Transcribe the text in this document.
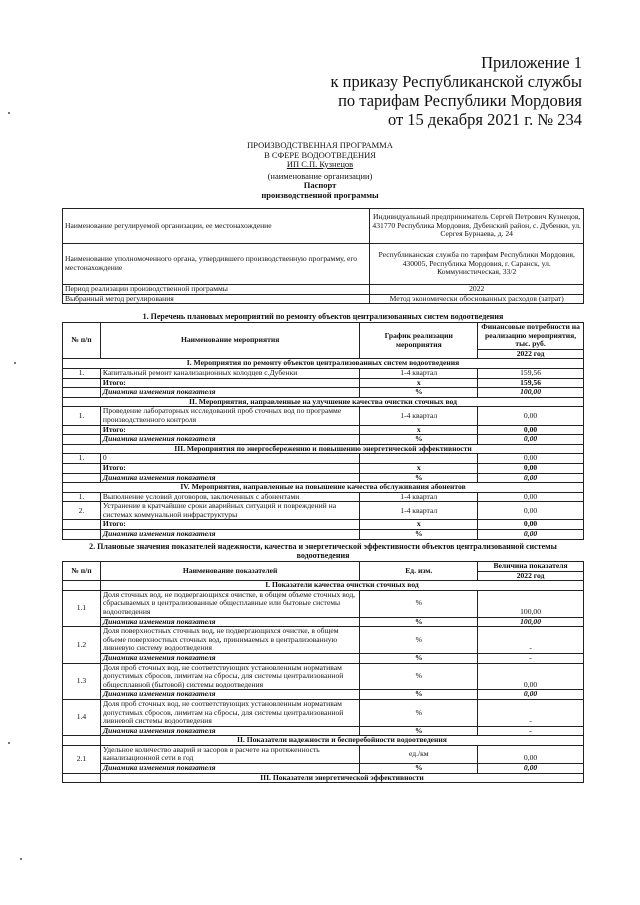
Приложение 1
к приказу Республиканской службы
по тарифам Республики Мордовия
от 15 декабря 2021 г. № 234
ПРОИЗВОДСТВЕННАЯ ПРОГРАММА
В СФЕРЕ ВОДООТВЕДЕНИЯ
ИП С.П. Кузнецов
(наименование организации)
Паспорт
производственной программы
Наименование регулируемой организации, ее местонахождение	Индивидуальный предприниматель Сергей Петрович Кузнецов, 431770 Республика Мордовия, Дубенский район, с. Дубенки, ул. Сергея Бурнаева, д. 24
Наименование уполномоченного органа, утвердившего производственную программу, его местонахождение	Республиканская служба по тарифам Республики Мордовия, 430005, Республика Мордовия, г. Саранск, ул. Коммунистическая, 33/2
Период реализации производственной программы	2022
Выбранный метод регулирования	Метод экономически обоснованных расходов (затрат)
1. Перечень плановых мероприятий по ремонту объектов централизованных систем водоотведения
№ п/п	Наименование мероприятия	График реализации мероприятия	Финансовые потребности на реализацию мероприятия, тыс. руб.
			2022 год
I. Мероприятия по ремонту объектов централизованных систем водоотведения			
1.	Капитальный ремонт канализационных колодцев с.Дубенки	1-4 квартал	159,56
	Итого:	х	159,56
	Динамика изменения показателя	%	100,00
II. Мероприятия, направленные на улучшение качества очистки сточных вод			
1.	Проведение лабораторных исследований проб сточных вод по программе производственного контроля	1-4 квартал	0,00
	Итого:	х	0,00
	Динамика изменения показателя	%	0,00
III. Мероприятия по энергосбережению и повышению энергетической эффективности			
1.	0		0,00
	Итого:	х	0,00
	Динамика изменения показателя	%	0,00
IV. Мероприятия, направленные на повышение качества обслуживания абонентов			
1.	Выполнение условий договоров, заключенных с абонентами	1-4 квартал	0,00
2.	Устранение в кратчайшие сроки аварийных ситуаций и повреждений на системах коммунальной инфраструктуры	1-4 квартал	0,00
	Итого:	х	0,00
	Динамика изменения показателя	%	0,00
2. Плановые значения показателей надежности, качества и энергетической эффективности объектов централизованной системы водоотведения
№ п/п	Наименование показателей	Ед. изм.	Величина показателя
			2022 год
	I. Показатели качества очистки сточных вод		
1.1	Доля сточных вод, не подвергающихся очистке, в общем объеме сточных вод, сбрасываемых в централизованные общесплавные или бытовые системы водоотведения	%	100,00
	Динамика изменения показателя	%	100,00
1.2	Доля поверхностных сточных вод, не подвергающихся очистке, в общем объеме поверхностных сточных вод, принимаемых в централизованную ливневую систему водоотведения	%	-
	Динамика изменения показателя	%	-
1.3	Доля проб сточных вод, не соответствующих установленным нормативам допустимых сбросов, лимитам на сбросы, для системы централизованной общесплавной (бытовой) системы водоотведения	%	0,00
	Динамика изменения показателя	%	0,00
1.4	Доля проб сточных вод, не соответствующих установленным нормативам допустимых сбросов, лимитам на сбросы, для системы централизованной ливневой системы водоотведения	%	-
	Динамика изменения показателя	%	-
	II. Показатели надежности и бесперебойности водоотведения		
2.1	Удельное количество аварий и засоров в расчете на протяженность канализационной сети в год	ед./км	0,00
	Динамика изменения показателя	%	0,00
	III. Показатели энергетической эффективности		
